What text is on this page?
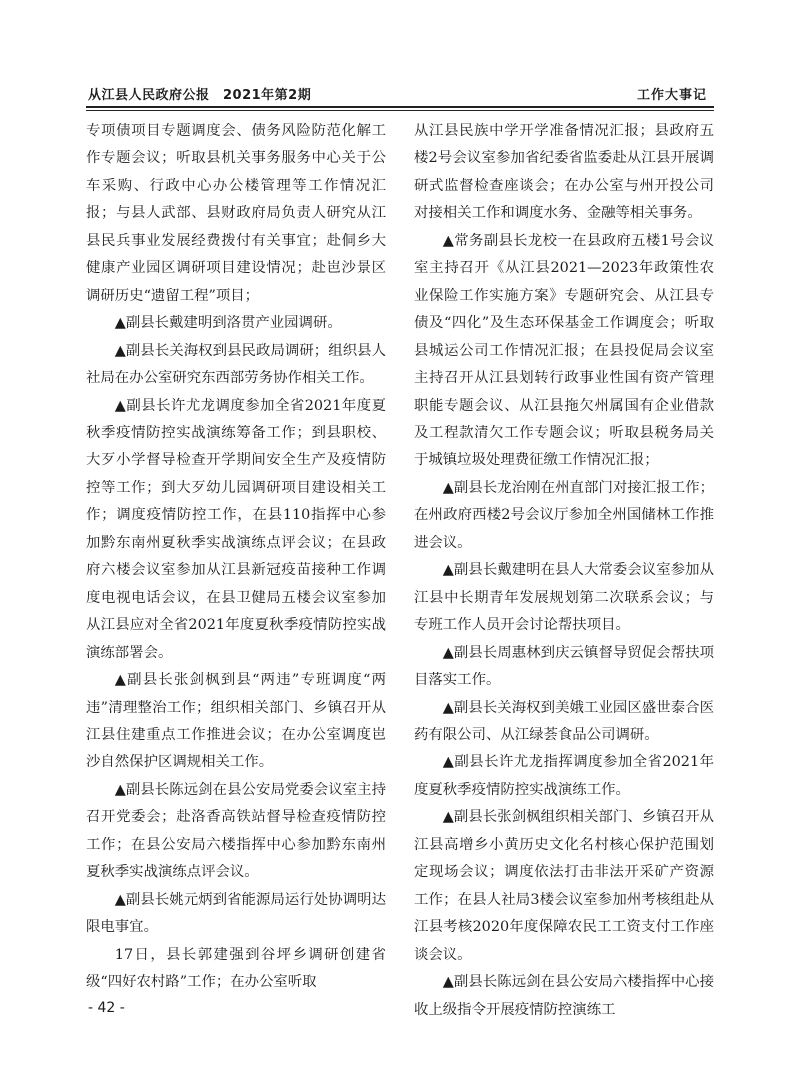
从江县人民政府公报　2021年第2期	工作大事记

专项债项目专题调度会、债务风险防范化解工作专题会议；听取县机关事务服务中心关于公车采购、行政中心办公楼管理等工作情况汇报；与县人武部、县财政府局负责人研究从江县民兵事业发展经费拨付有关事宜；赴侗乡大健康产业园区调研项目建设情况；赴岜沙景区调研历史“遗留工程”项目；

▲副县长戴建明到洛贯产业园调研。

▲副县长关海权到县民政局调研；组织县人社局在办公室研究东西部劳务协作相关工作。

▲副县长许尤龙调度参加全省2021年度夏秋季疫情防控实战演练筹备工作；到县职校、大歹小学督导检查开学期间安全生产及疫情防控等工作；到大歹幼儿园调研项目建设相关工作；调度疫情防控工作，在县110指挥中心参加黔东南州夏秋季实战演练点评会议；在县政府六楼会议室参加从江县新冠疫苗接种工作调度电视电话会议，在县卫健局五楼会议室参加从江县应对全省2021年度夏秋季疫情防控实战演练部署会。

▲副县长张剑枫到县“两违”专班调度“两违”清理整治工作；组织相关部门、乡镇召开从江县住建重点工作推进会议；在办公室调度岜沙自然保护区调规相关工作。

▲副县长陈远剑在县公安局党委会议室主持召开党委会；赴洛香高铁站督导检查疫情防控工作；在县公安局六楼指挥中心参加黔东南州夏秋季实战演练点评会议。

▲副县长姚元炳到省能源局运行处协调明达限电事宜。

17日，县长郭建强到谷坪乡调研创建省级“四好农村路”工作；在办公室听取

从江县民族中学开学准备情况汇报；县政府五楼2号会议室参加省纪委省监委赴从江县开展调研式监督检查座谈会；在办公室与州开投公司对接相关工作和调度水务、金融等相关事务。

▲常务副县长龙校一在县政府五楼1号会议室主持召开《从江县2021—2023年政策性农业保险工作实施方案》专题研究会、从江县专债及“四化”及生态环保基金工作调度会；听取县城运公司工作情况汇报；在县投促局会议室主持召开从江县划转行政事业性国有资产管理职能专题会议、从江县拖欠州属国有企业借款及工程款清欠工作专题会议；听取县税务局关于城镇垃圾处理费征缴工作情况汇报；

▲副县长龙治刚在州直部门对接汇报工作；在州政府西楼2号会议厅参加全州国储林工作推进会议。

▲副县长戴建明在县人大常委会议室参加从江县中长期青年发展规划第二次联系会议；与专班工作人员开会讨论帮扶项目。

▲副县长周惠林到庆云镇督导贸促会帮扶项目落实工作。

▲副县长关海权到美娥工业园区盛世泰合医药有限公司、从江绿荟食品公司调研。

▲副县长许尤龙指挥调度参加全省2021年度夏秋季疫情防控实战演练工作。

▲副县长张剑枫组织相关部门、乡镇召开从江县高增乡小黄历史文化名村核心保护范围划定现场会议；调度依法打击非法开采矿产资源工作；在县人社局3楼会议室参加州考核组赴从江县考核2020年度保障农民工工资支付工作座谈会议。

▲副县长陈远剑在县公安局六楼指挥中心接收上级指令开展疫情防控演练工

- 42 -
